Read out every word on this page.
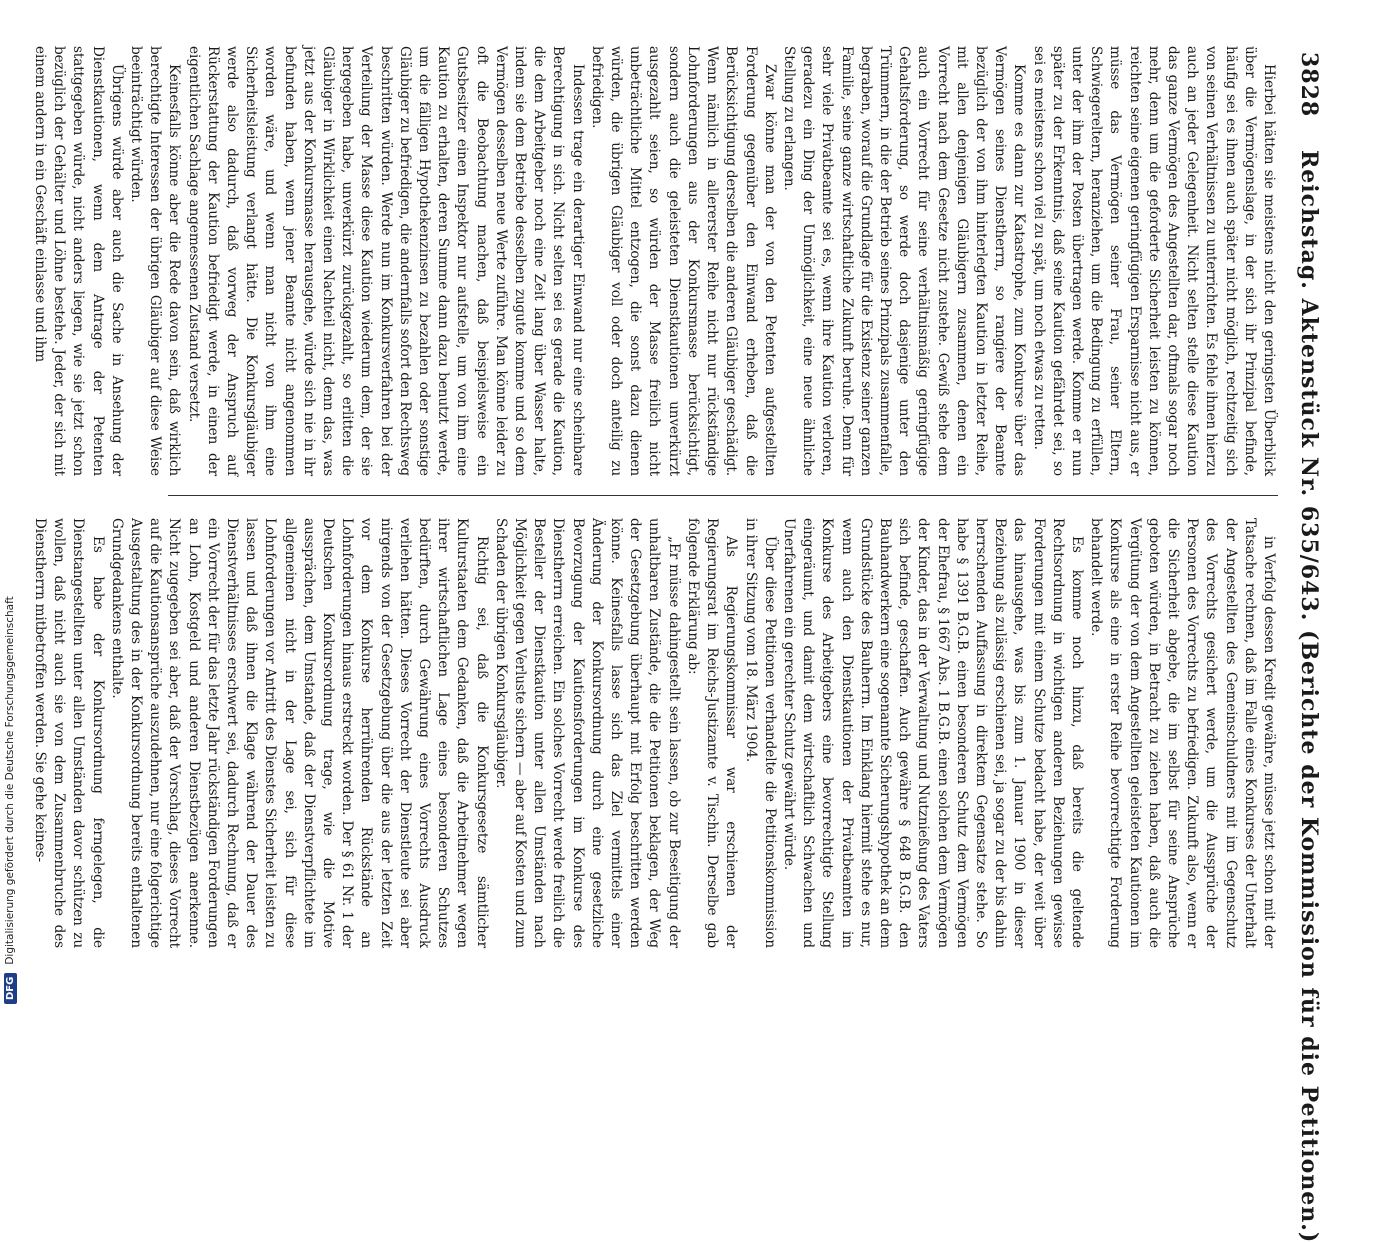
3828
Reichstag. Aktenstück Nr. 635/643. (Berichte der Kommission für die Petitionen.)

Hierbei hätten sie meistens nicht den geringsten Überblick über die Vermögenslage, in der sich ihr Prinzipal befinde, häufig sei es ihnen auch später nicht möglich, rechtzeitig sich von seinen Verhältnissen zu unterrichten. Es fehle ihnen hierzu auch an jeder Gelegenheit. Nicht selten stelle diese Kaution das ganze Vermögen des Angestellten dar, oftmals sogar noch mehr, denn um die geforderte Sicherheit leisten zu können, reichten seine eigenen geringfügigen Ersparnisse nicht aus, er müsse das Vermögen seiner Frau, seiner Eltern, Schwiegereltern, heranziehen, um die Bedingung zu erfüllen, unter der ihm der Posten übertragen werde. Komme er nun später zu der Erkenntnis, daß seine Kaution gefährdet sei, so sei es meistens schon viel zu spät, um noch etwas zu retten.

Komme es dann zur Katastrophe, zum Konkurse über das Vermögen seines Dienstherrn, so rangiere der Beamte bezüglich der von ihm hinterlegten Kaution in letzter Reihe, mit allen denjenigen Gläubigern zusammen, denen ein Vorrecht nach dem Gesetze nicht zustehe. Gewiß stehe dem auch ein Vorrecht für seine verhältnismäßig geringfügige Gehaltsforderung, so werde doch dasjenige unter den Trümmern, in die der Betrieb seines Prinzipals zusammenfalle, begraben, worauf die Grundlage für die Existenz seiner ganzen Familie, seine ganze wirtschaftliche Zukunft beruhe. Denn für sehr viele Privatbeamte sei es, wenn ihre Kaution verloren, geradezu ein Ding der Unmöglichkeit, eine neue ähnliche Stellung zu erlangen.

Zwar könne man der von den Petenten aufgestellten Forderung gegenüber den Einwand erheben, daß die Berücksichtigung derselben die anderen Gläubiger geschädigt. Wenn nämlich in allererster Reihe nicht nur rückständige Lohnforderungen aus der Konkursmasse berücksichtigt, sondern auch die geleisteten Dienstkautionen unverkürzt ausgezahlt seien, so würden der Masse freilich nicht unbeträchtliche Mittel entzogen, die sonst dazu dienen würden, die übrigen Gläubiger voll oder doch anteilig zu befriedigen.

Indessen trage ein derartiger Einwand nur eine scheinbare Berechtigung in sich. Nicht selten sei es gerade die Kaution, die dem Arbeitgeber noch eine Zeit lang über Wasser halte, indem sie dem Betriebe desselben zugute komme und so dem Vermögen desselben neue Werte zuführe. Man könne leider zu oft die Beobachtung machen, daß beispielsweise ein Gutsbesitzer einen Inspektor nur aufstelle, um von ihm eine Kaution zu erhalten, deren Summe dann dazu benutzt werde, um die fälligen Hypothekenzinsen zu bezahlen oder sonstige Gläubiger zu befriedigen, die andernfalls sofort den Rechtsweg beschritten würden. Werde nun im Konkursverfahren bei der Verteilung der Masse diese Kaution wiederum dem, der sie hergegeben habe, unverkürzt zurückgezahlt, so erlitten die Gläubiger in Wirklichkeit einen Nachteil nicht, denn das, was jetzt aus der Konkursmasse herausgehe, würde sich nie in ihr befunden haben, wenn jener Beamte nicht angenommen worden wäre, und wenn man nicht von ihm eine Sicherheitsleistung verlangt hätte. Die Konkursgläubiger werde also dadurch, daß vorweg der Anspruch auf Rückerstattung der Kaution befriedigt werde, in einen der eigentlichen Sachlage angemessenen Zustand versetzt.

Keinesfalls könne aber die Rede davon sein, daß wirklich berechtigte Interessen der übrigen Gläubiger auf diese Weise beeinträchtigt würden.

Übrigens würde aber auch die Sache in Ansehung der Dienstkautionen, wenn dem Antrage der Petenten stattgegeben würde, nicht anders liegen, wie sie jetzt schon bezüglich der Gehälter und Löhne bestehe. Jeder, der sich mit einem andern in ein Geschäft einlasse und ihm

in Verfolg dessen Kredit gewähre, müsse jetzt schon mit der Tatsache rechnen, daß im Falle eines Konkurses der Unterhalt der Angestellten des Gemeinschuldners mit im Gegenschutz des Vorrechts gesichert werde, um die Aussprüche der Personen des Vorrechts zu befriedigen. Zukunft also, wenn er die Sicherheit abgebe, die im selbst für seine Ansprüche geboten würden, in Betracht zu ziehen haben, daß auch die Vergütung der von dem Angestellten geleisteten Kautionen im Konkurse als eine in erster Reihe bevorrechtigte Forderung behandelt werde.

Es komme noch hinzu, daß bereits die geltende Rechtsordnung in wichtigen anderen Beziehungen gewisse Forderungen mit einem Schutze bedacht habe, der weit über das hinausgehe, was bis zum 1. Januar 1900 in dieser Beziehung als zulässig erschienen sei, ja sogar zu der bis dahin herrschenden Auffassung in direktem Gegensatze stehe. So habe § 1391 B.G.B. einen besonderen Schutz dem Vermögen der Ehefrau, § 1667 Abs. 1 B.G.B. einen solchen dem Vermögen der Kinder, das in der Verwaltung und Nutznießung des Vaters sich befinde, geschaffen. Auch gewähre § 648 B.G.B. den Bauhandwerkern eine sogenannte Sicherungshypothek an dem Grundstücke des Bauherrn. Im Einklang hiermit stehe es nur, wenn auch den Dienstkautionen der Privatbeamten im Konkurse des Arbeitgebers eine bevorrechtigte Stellung eingeräumt, und damit dem wirtschaftlich Schwachen und Unerfahrenen ein gerechter Schutz gewährt würde.

Über diese Petitionen verhandelte die Petitionskommission in ihrer Sitzung vom 18. März 1904.

Als Regierungskommissar war erschienen der Regierungsrat im Reichs-Justizamte v. Tischin. Derselbe gab folgende Erklärung ab:

„Er müsse dahingestellt sein lassen, ob zur Beseitigung der unhaltbaren Zustände, die die Petitionen beklagen, der Weg der Gesetzgebung überhaupt mit Erfolg beschritten werden könne. Keinesfalls lasse sich das Ziel vermittels einer Änderung der Konkursordnung durch eine gesetzliche Bevorzugung der Kautionsforderungen im Konkurse des Dienstherrn erreichen. Ein solches Vorrecht werde freilich die Besteller der Dienstkaution unter allen Umständen nach Möglichkeit gegen Verluste sichern — aber auf Kosten und zum Schaden der übrigen Konkursgläubiger.

Richtig sei, daß die Konkursgesetze sämtlicher Kulturstaaten dem Gedanken, daß die Arbeitnehmer wegen ihrer wirtschaftlichen Lage eines besonderen Schutzes bedürften, durch Gewährung eines Vorrechts Ausdruck verliehen hätten. Dieses Vorrecht der Dienstleute sei aber nirgends von der Gesetzgebung über die aus der letzten Zeit vor dem Konkurse herrührenden Rückstände an Lohnforderungen hinaus erstreckt worden. Der § 61 Nr. 1 der Deutschen Konkursordnung trage, wie die Motive aussprächen, dem Umstande, daß der Dienstverpflichtete im allgemeinen nicht in der Lage sei, sich für diese Lohnforderungen vor Antritt des Dienstes Sicherheit leisten zu lassen und daß ihnen die Klage während der Dauer des Dienstverhältnisses erschwert sei, dadurch Rechnung, daß er ein Vorrecht der für das letzte Jahr rückständigen Forderungen an Lohn, Kostgeld und anderen Dienstbezügen anerkenne. Nicht zugegeben sei aber, daß der Vorschlag, dieses Vorrecht auf die Kautionsansprüche auszudehnen, nur eine folgerichtige Ausgestaltung des in der Konkursordnung bereits enthaltenen Grundgedankens enthalte.

Es habe der Konkursordnung ferngelegen, die Dienstangestellten unter allen Umständen davor schützen zu wollen, daß nicht auch sie von dem Zusammenbruche des Dienstherrn mitbetroffen werden. Sie gehe keines-

DFGDigitalisierung gefördert durch die Deutsche Forschungsgemeinschaft
